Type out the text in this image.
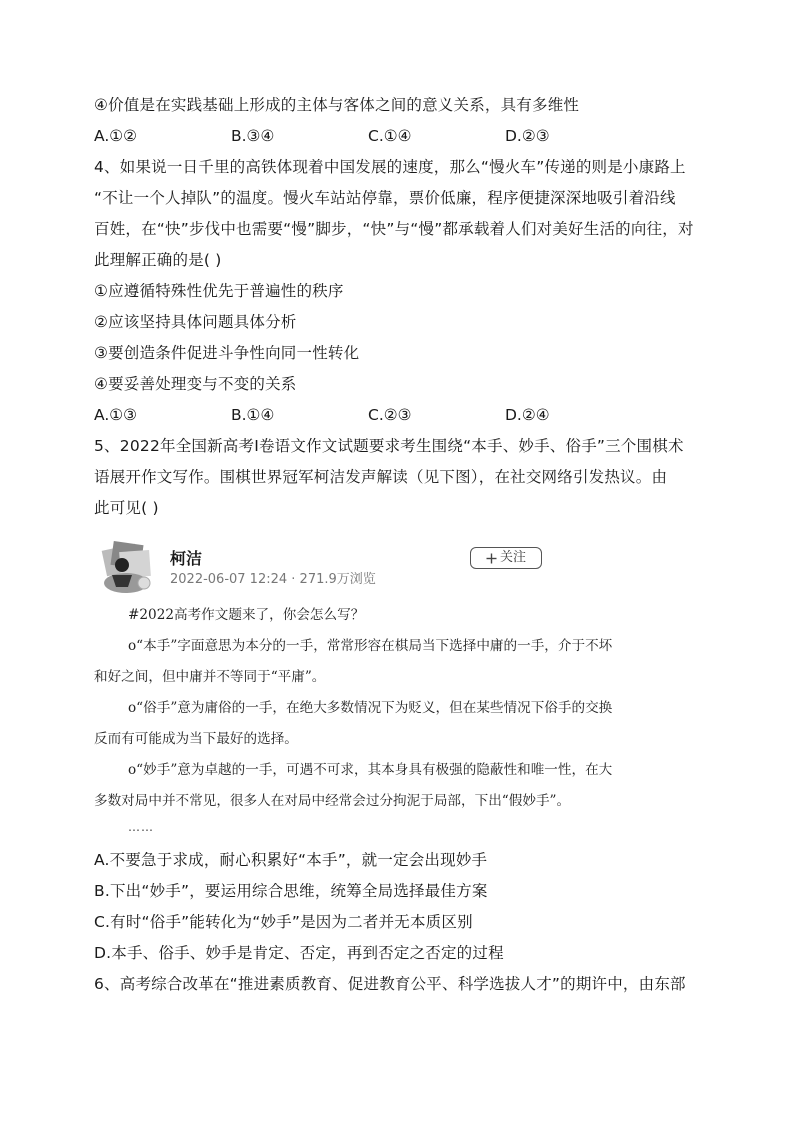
④价值是在实践基础上形成的主体与客体之间的意义关系，具有多维性
A.①②	B.③④	C.①④	D.②③
4、如果说一日千里的高铁体现着中国发展的速度，那么“慢火车”传递的则是小康路上
“不让一个人掉队”的温度。慢火车站站停靠，票价低廉，程序便捷深深地吸引着沿线
百姓，在“快”步伐中也需要“慢”脚步，“快”与“慢”都承载着人们对美好生活的向往，对
此理解正确的是( )
①应遵循特殊性优先于普遍性的秩序
②应该坚持具体问题具体分析
③要创造条件促进斗争性向同一性转化
④要妥善处理变与不变的关系
A.①③	B.①④	C.②③	D.②④
5、2022年全国新高考Ⅰ卷语文作文试题要求考生围绕“本手、妙手、俗手”三个围棋术
语展开作文写作。围棋世界冠军柯洁发声解读（见下图），在社交网络引发热议。由
此可见( )
柯洁
2022-06-07 12:24 · 271.9万浏览
关注
#2022高考作文题来了，你会怎么写？
o“本手”字面意思为本分的一手，常常形容在棋局当下选择中庸的一手，介于不坏
和好之间，但中庸并不等同于“平庸”。
o“俗手”意为庸俗的一手，在绝大多数情况下为贬义，但在某些情况下俗手的交换
反而有可能成为当下最好的选择。
o“妙手”意为卓越的一手，可遇不可求，其本身具有极强的隐蔽性和唯一性，在大
多数对局中并不常见，很多人在对局中经常会过分拘泥于局部，下出“假妙手”。
……
A.不要急于求成，耐心积累好“本手”，就一定会出现妙手
B.下出“妙手”，要运用综合思维，统筹全局选择最佳方案
C.有时“俗手”能转化为“妙手”是因为二者并无本质区别
D.本手、俗手、妙手是肯定、否定，再到否定之否定的过程
6、高考综合改革在“推进素质教育、促进教育公平、科学选拔人才”的期许中，由东部
